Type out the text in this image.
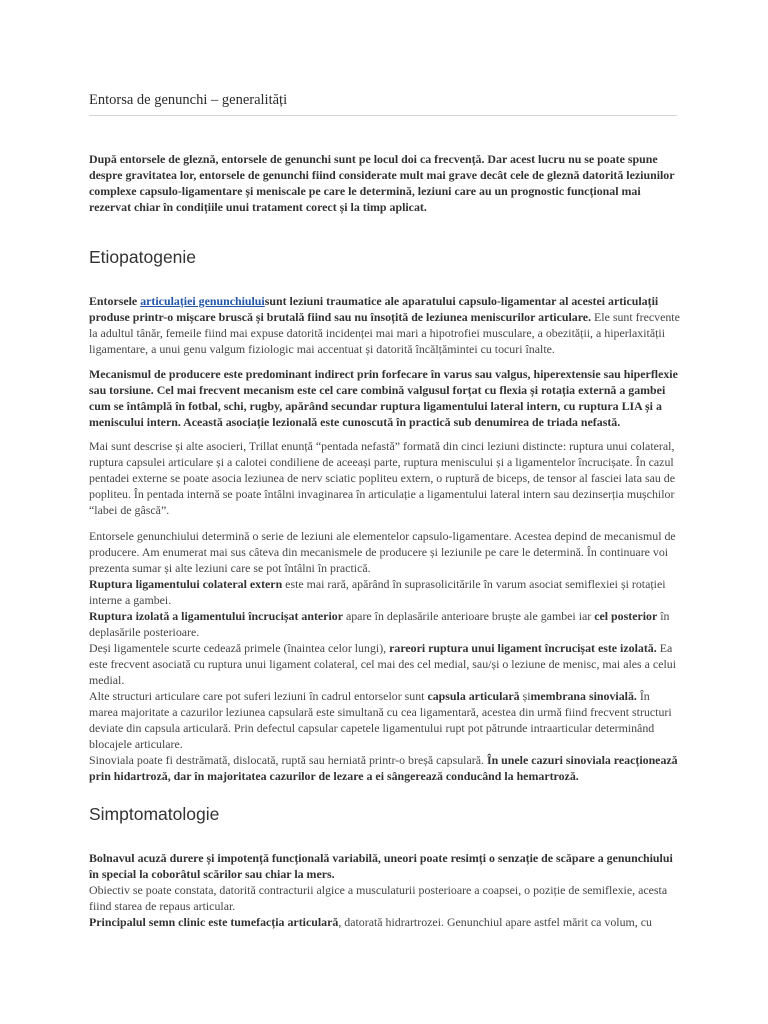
Entorsa de genunchi – generalități

După entorsele de gleznă, entorsele de genunchi sunt pe locul doi ca frecvență. Dar acest lucru nu se poate spune despre gravitatea lor, entorsele de genunchi fiind considerate mult mai grave decât cele de gleznă datorită leziunilor complexe capsulo-ligamentare și meniscale pe care le determină, leziuni care au un prognostic funcțional mai rezervat chiar în condițiile unui tratament corect și la timp aplicat.

Etiopatogenie

Entorsele articulației genunchiuluisunt leziuni traumatice ale aparatului capsulo-ligamentar al acestei articulații produse printr-o mișcare bruscă și brutală fiind sau nu însoțită de leziunea meniscurilor articulare. Ele sunt frecvente la adultul tânăr, femeile fiind mai expuse datorită incidenței mai mari a hipotrofiei musculare, a obezității, a hiperlaxității ligamentare, a unui genu valgum fiziologic mai accentuat și datorită încălțămintei cu tocuri înalte.

Mecanismul de producere este predominant indirect prin forfecare în varus sau valgus, hiperextensie sau hiperflexie sau torsiune. Cel mai frecvent mecanism este cel care combină valgusul forțat cu flexia și rotația externă a gambei cum se întâmplă în fotbal, schi, rugby, apărând secundar ruptura ligamentului lateral intern, cu ruptura LIA și a meniscului intern. Această asociație lezională este cunoscută în practică sub denumirea de triada nefastă.

Mai sunt descrise și alte asocieri, Trillat enunță “pentada nefastă” formată din cinci leziuni distincte: ruptura unui colateral, ruptura capsulei articulare și a calotei condiliene de aceeași parte, ruptura meniscului și a ligamentelor încrucișate. În cazul pentadei externe se poate asocia leziunea de nerv sciatic popliteu extern, o ruptură de biceps, de tensor al fasciei lata sau de popliteu. În pentada internă se poate întâlni invaginarea în articulație a ligamentului lateral intern sau dezinserția mușchilor “labei de gâscă”.

Entorsele genunchiului determină o serie de leziuni ale elementelor capsulo-ligamentare. Acestea depind de mecanismul de producere. Am enumerat mai sus câteva din mecanismele de producere și leziunile pe care le determină. În continuare voi prezenta sumar și alte leziuni care se pot întâlni în practică.

Ruptura ligamentului colateral extern este mai rară, apărând în suprasolicitările în varum asociat semiflexiei și rotației interne a gambei.

Ruptura izolată a ligamentului încrucișat anterior apare în deplasările anterioare bruște ale gambei iar cel posterior în deplasările posterioare.

Deși ligamentele scurte cedează primele (înaintea celor lungi), rareori ruptura unui ligament încrucișat este izolată. Ea este frecvent asociată cu ruptura unui ligament colateral, cel mai des cel medial, sau/și o leziune de menisc, mai ales a celui medial.

Alte structuri articulare care pot suferi leziuni în cadrul entorselor sunt capsula articulară șimembrana sinovială. În marea majoritate a cazurilor leziunea capsulară este simultană cu cea ligamentară, acestea din urmă fiind frecvent structuri deviate din capsula articulară. Prin defectul capsular capetele ligamentului rupt pot pătrunde intraarticular determinând blocajele articulare.

Sinoviala poate fi destrămată, dislocată, ruptă sau herniată printr-o breșă capsulară. În unele cazuri sinoviala reacționează prin hidartroză, dar în majoritatea cazurilor de lezare a ei sângerează conducând la hemartroză.

Simptomatologie

Bolnavul acuză durere și impotență funcțională variabilă, uneori poate resimți o senzație de scăpare a genunchiului în special la coborâtul scărilor sau chiar la mers.

Obiectiv se poate constata, datorită contracturii algice a musculaturii posterioare a coapsei, o poziție de semiflexie, acesta fiind starea de repaus articular.

Principalul semn clinic este tumefacția articulară, datorată hidrartrozei. Genunchiul apare astfel mărit ca volum, cu
